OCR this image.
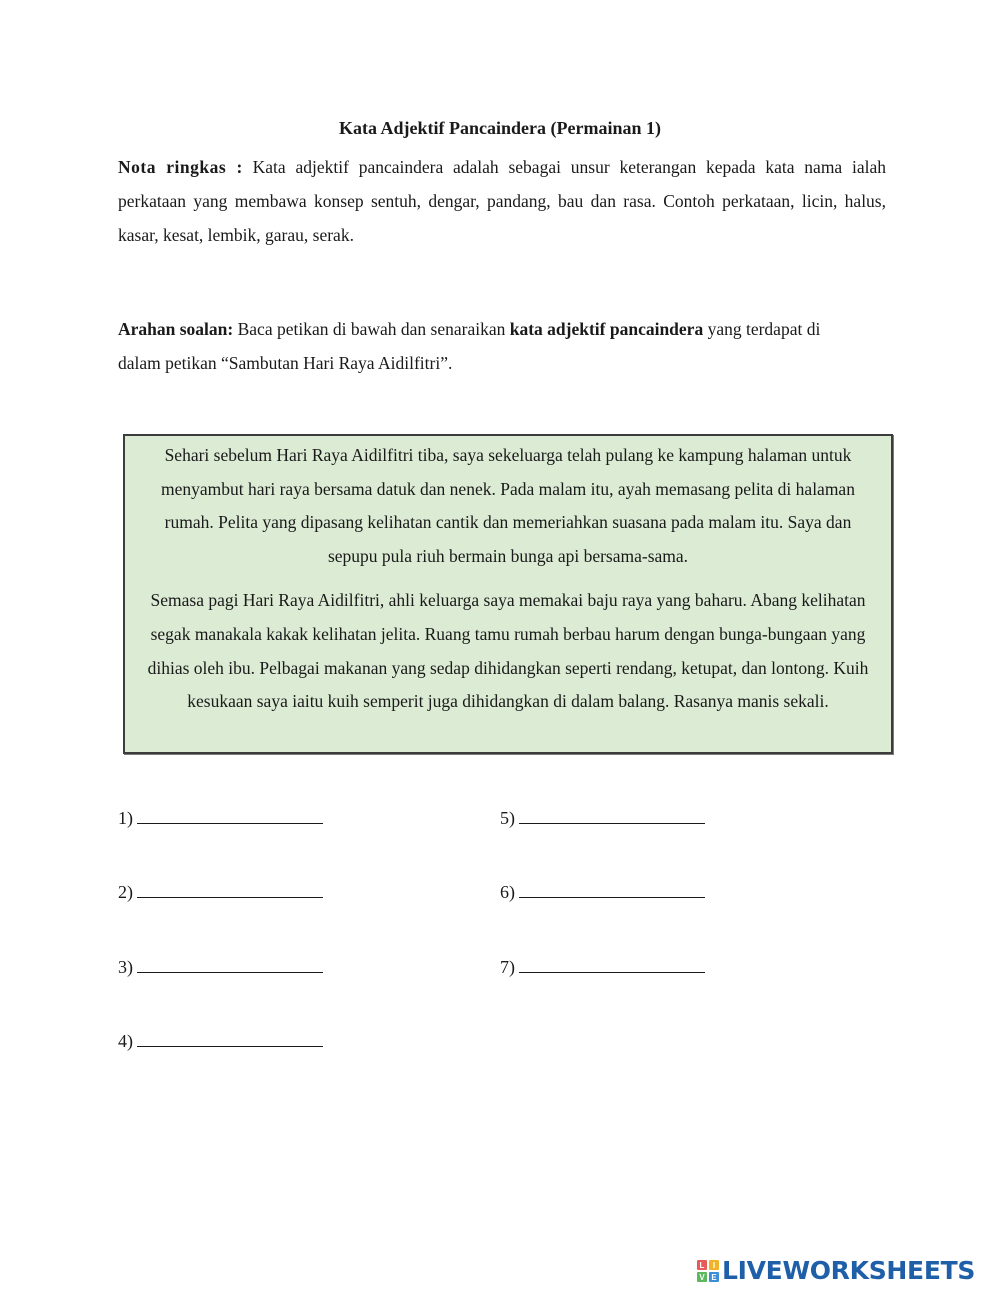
Kata Adjektif Pancaindera (Permainan 1)
Nota ringkas : Kata adjektif pancaindera adalah sebagai unsur keterangan kepada kata nama ialah perkataan yang membawa konsep sentuh, dengar, pandang, bau dan rasa. Contoh perkataan, licin, halus, kasar, kesat, lembik, garau, serak.
Arahan soalan: Baca petikan di bawah dan senaraikan kata adjektif pancaindera yang terdapat di dalam petikan “Sambutan Hari Raya Aidilfitri”.

Sehari sebelum Hari Raya Aidilfitri tiba, saya sekeluarga telah pulang ke kampung halaman untuk menyambut hari raya bersama datuk dan nenek. Pada malam itu, ayah memasang pelita di halaman rumah. Pelita yang dipasang kelihatan cantik dan memeriahkan suasana pada malam itu. Saya dan sepupu pula riuh bermain bunga api bersama-sama.

Semasa pagi Hari Raya Aidilfitri, ahli keluarga saya memakai baju raya yang baharu. Abang kelihatan segak manakala kakak kelihatan jelita. Ruang tamu rumah berbau harum dengan bunga-bungaan yang dihias oleh ibu. Pelbagai makanan yang sedap dihidangkan seperti rendang, ketupat, dan lontong. Kuih kesukaan saya iaitu kuih semperit juga dihidangkan di dalam balang. Rasanya manis sekali.

1)
2)
3)
4)
5)
6)
7)
L	I
V E LIVEWORKSHEETS
